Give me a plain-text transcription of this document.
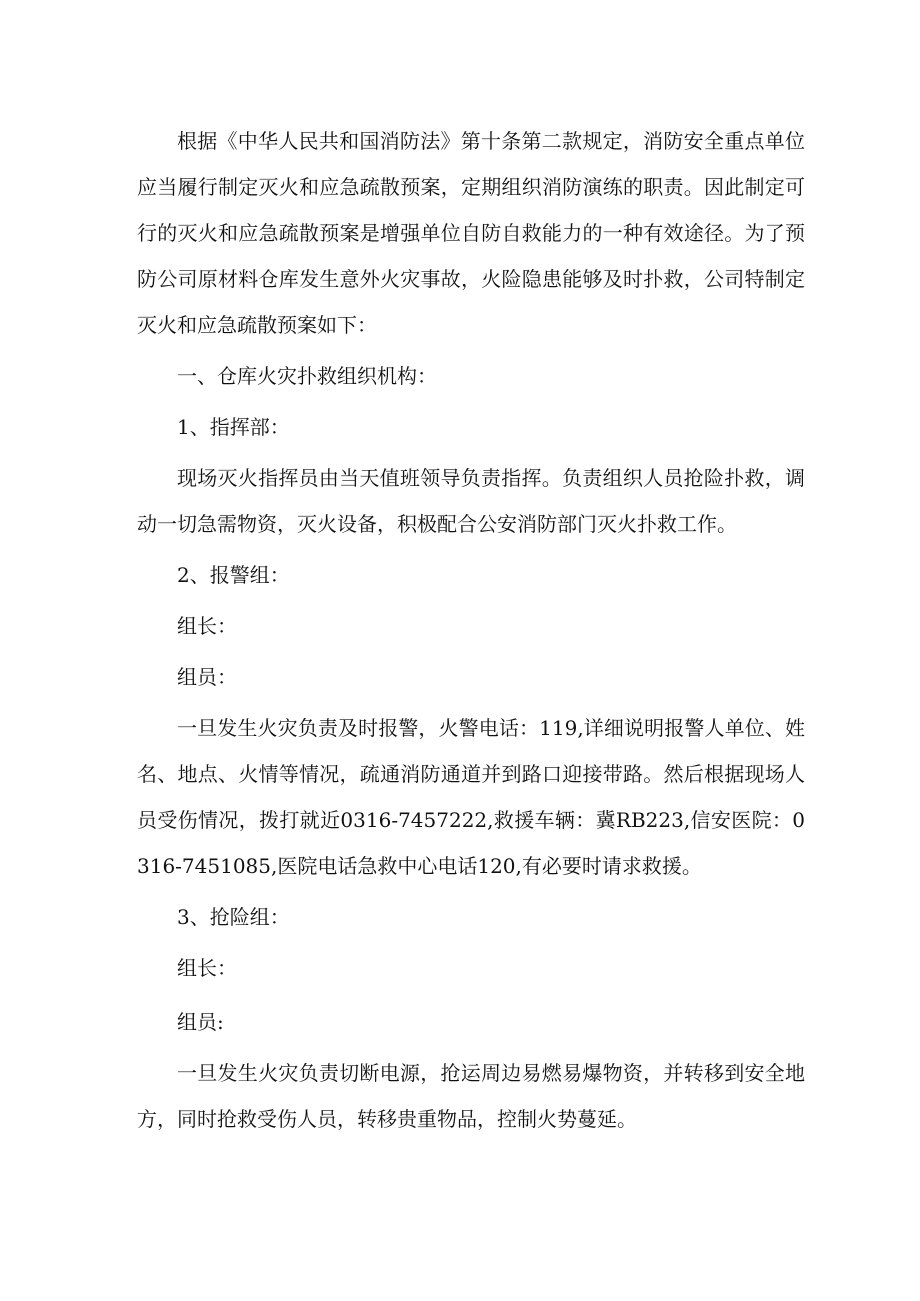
根据《中华人民共和国消防法》第十条第二款规定，消防安全重点单位应当履行制定灭火和应急疏散预案，定期组织消防演练的职责。因此制定可行的灭火和应急疏散预案是增强单位自防自救能力的一种有效途径。为了预防公司原材料仓库发生意外火灾事故，火险隐患能够及时扑救，公司特制定灭火和应急疏散预案如下：

一、仓库火灾扑救组织机构：

1、指挥部：

现场灭火指挥员由当天值班领导负责指挥。负责组织人员抢险扑救，调动一切急需物资，灭火设备，积极配合公安消防部门灭火扑救工作。

2、报警组：

组长：

组员：

一旦发生火灾负责及时报警，火警电话：119,详细说明报警人单位、姓名、地点、火情等情况，疏通消防通道并到路口迎接带路。然后根据现场人员受伤情况，拨打就近0316-7457222,救援车辆：冀RB223,信安医院：0316-7451085,医院电话急救中心电话120,有必要时请求救援。

3、抢险组：

组长：

组员:

一旦发生火灾负责切断电源，抢运周边易燃易爆物资，并转移到安全地方，同时抢救受伤人员，转移贵重物品，控制火势蔓延。
